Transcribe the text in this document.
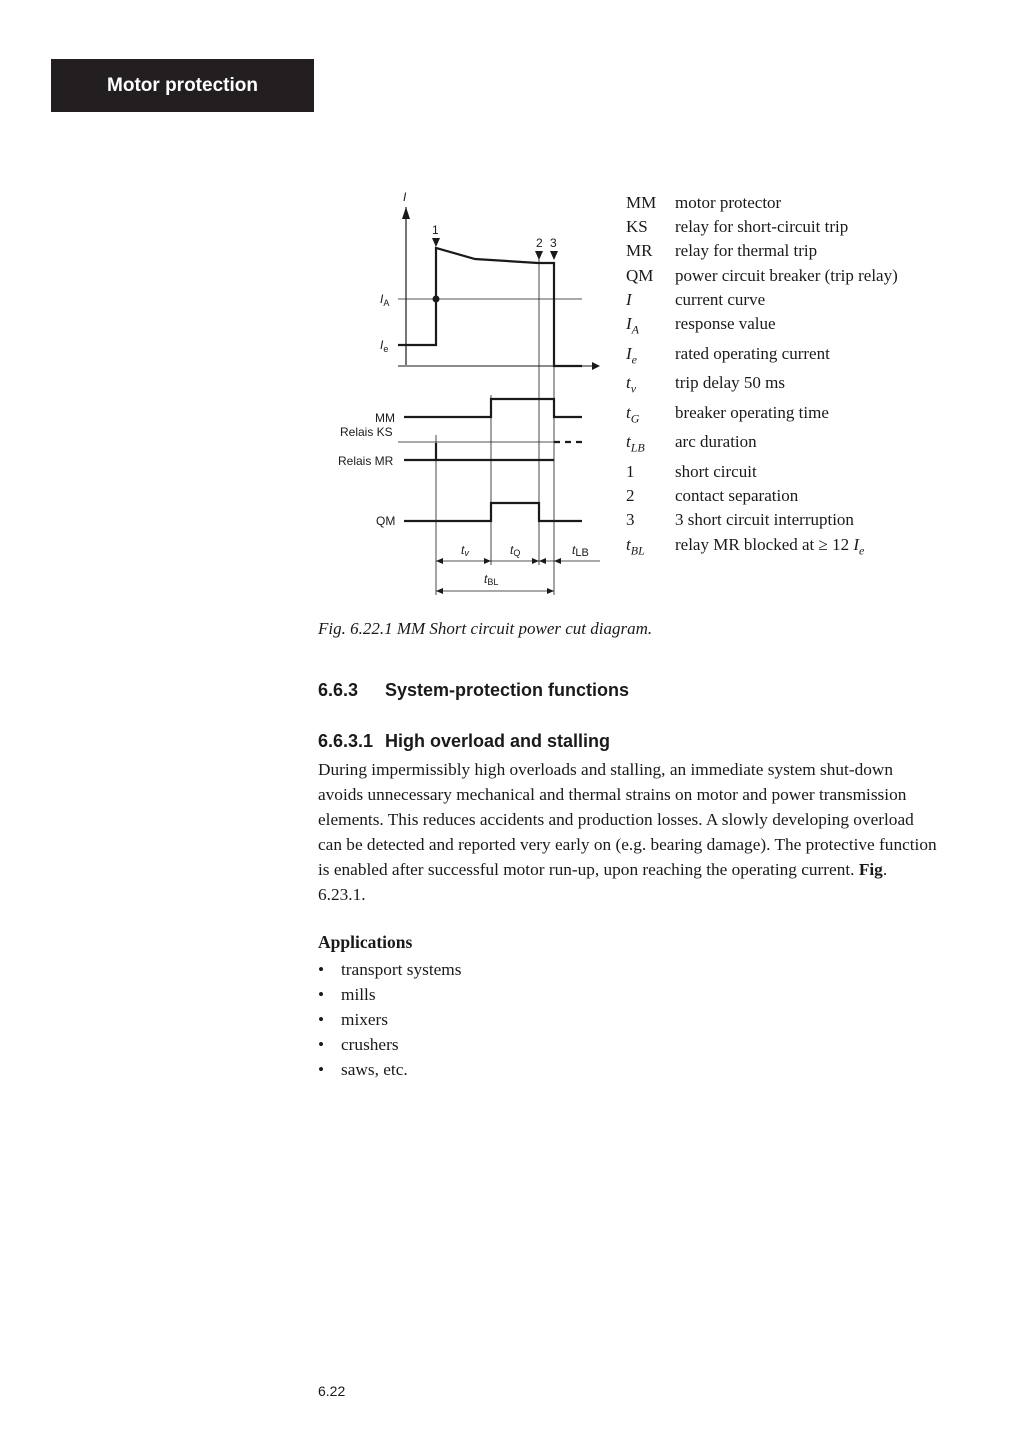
Motor protection
I
$I_A$
$I_e$
1
2 3
MM
Relais KS
Relais MR
QM
tv	tQ	tLB
tBL
MM	motor protector
KS	relay for short-circuit trip
MR	relay for thermal trip
QM	power circuit breaker (trip relay)
I	current curve
$I_A$	response value
$I_e$	rated operating current
$t_v$	trip delay 50 ms
$t_G$	breaker operating time
$t_{LB}$	arc duration
1	short circuit
2	contact separation
3	3 short circuit interruption
$t_{BL}$	relay MR blocked at ≥ 12 $I_e$
Fig. 6.22.1 MM Short circuit power cut diagram.
6.6.3 System-protection functions
6.6.3.1 High overload and stalling

During impermissibly high overloads and stalling, an immediate system shut-down avoids unnecessary mechanical and thermal strains on motor and power transmission elements. This reduces accidents and production losses. A slowly developing overload can be detected and reported very early on (e.g. bearing damage). The protective function is enabled after successful motor run-up, upon reaching the operating current. Fig. 6.23.1.

Applications
• transport systems
• mills
• mixers
• crushers
• saws, etc.
6.22
